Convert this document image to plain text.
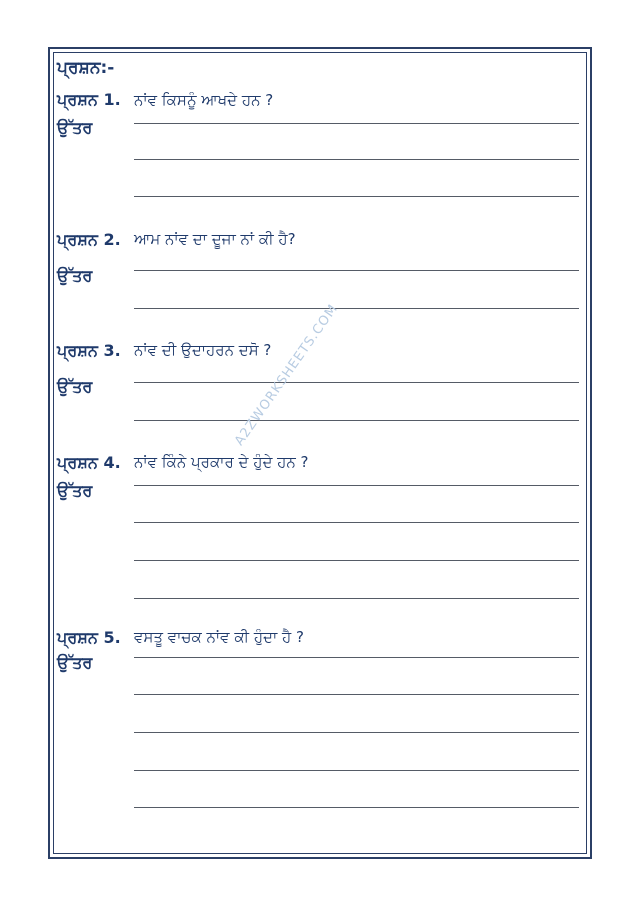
ਪ੍ਰਸ਼ਨ:-
ਪ੍ਰਸ਼ਨ 1. ਨਾਂਵ ਕਿਸਨੂੰ ਆਖਦੇ ਹਨ ?
ਉੱਤਰ
ਪ੍ਰਸ਼ਨ 2. ਆਮ ਨਾਂਵ ਦਾ ਦੂਜਾ ਨਾਂ ਕੀ ਹੈ?
ਉੱਤਰ
ਪ੍ਰਸ਼ਨ 3. ਨਾਂਵ ਦੀ ਉਦਾਹਰਨ ਦਸੋ ?
ਉੱਤਰ
ਪ੍ਰਸ਼ਨ 4. ਨਾਂਵ ਕਿੰਨੇ ਪ੍ਰਕਾਰ ਦੇ ਹੁੰਦੇ ਹਨ ?
ਉੱਤਰ
ਪ੍ਰਸ਼ਨ 5. ਵਸਤੂ ਵਾਚਕ ਨਾਂਵ ਕੀ ਹੁੰਦਾ ਹੈ ?
ਉੱਤਰ
A2ZWORKSHEETS.COM
